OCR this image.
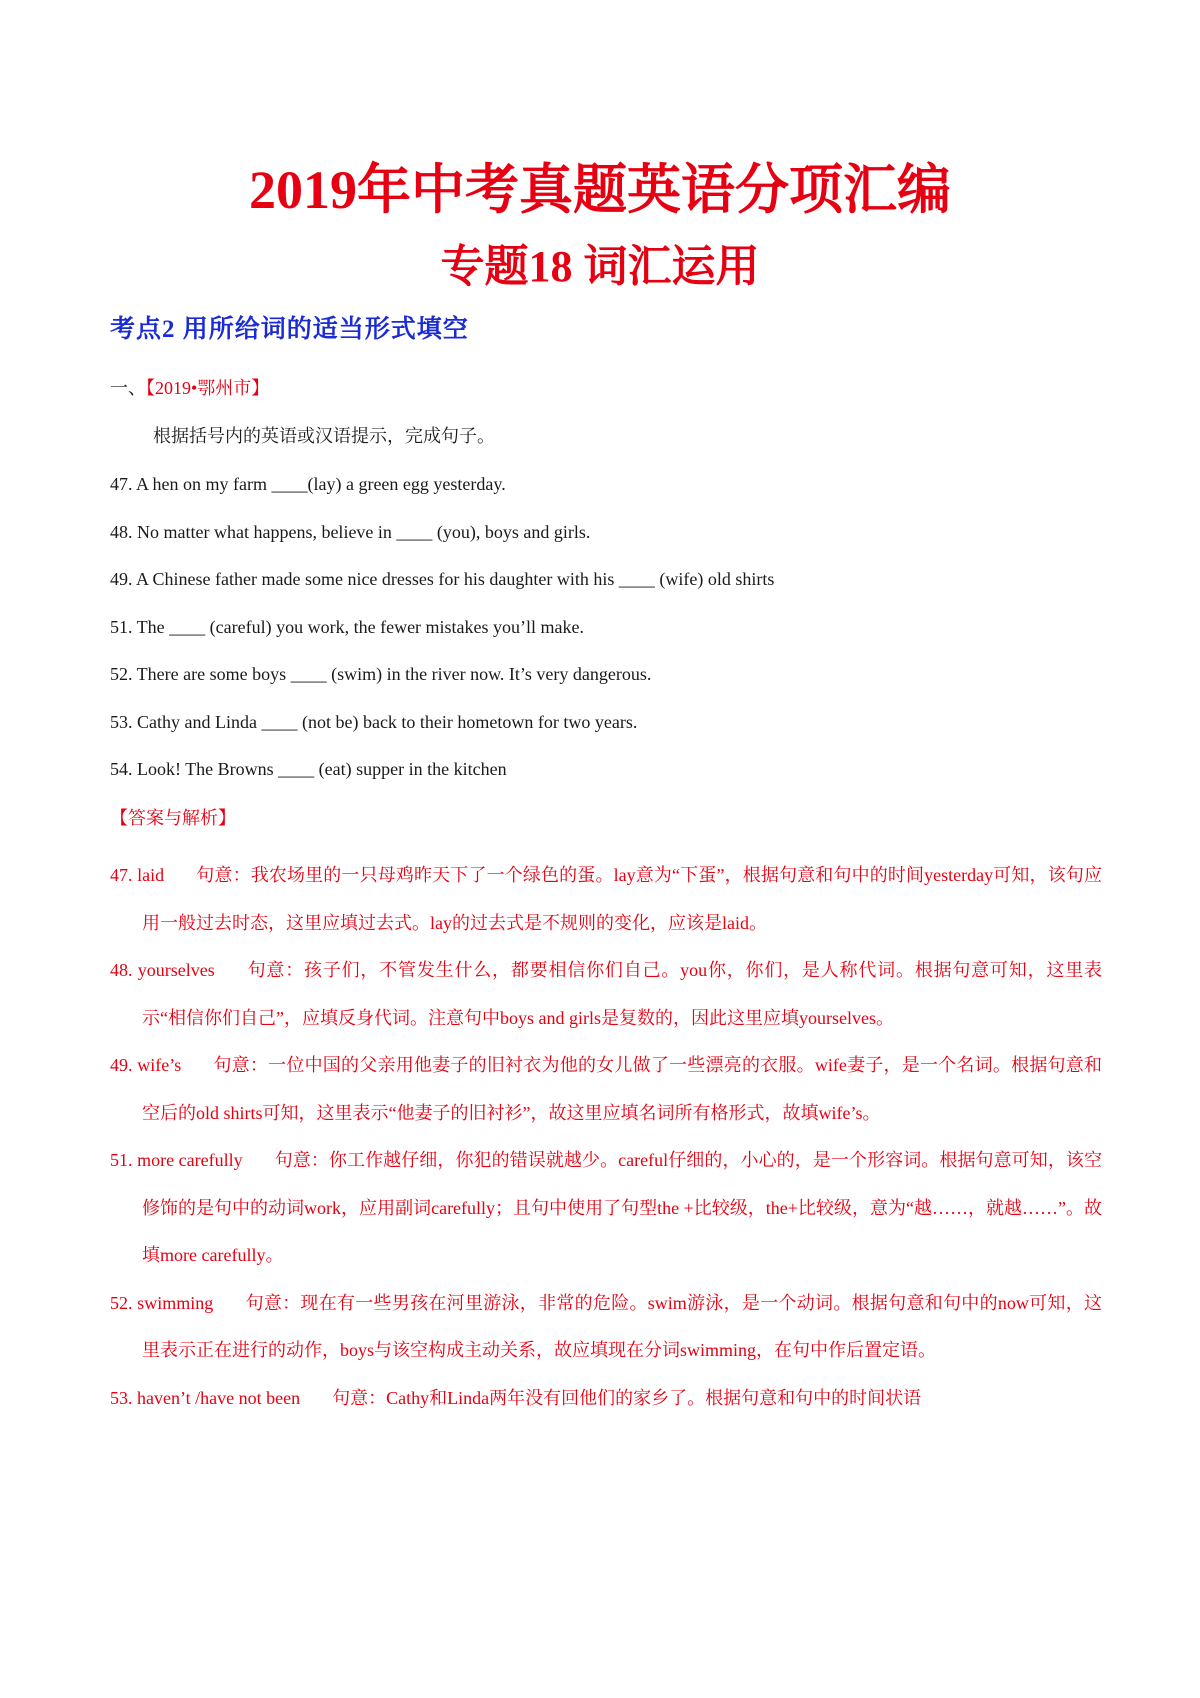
2019年中考真题英语分项汇编
专题18 词汇运用
考点2 用所给词的适当形式填空
一、【2019•鄂州市】
根据括号内的英语或汉语提示，完成句子。
47. A hen on my farm ____(lay) a green egg yesterday.
48. No matter what happens, believe in ____ (you), boys and girls.
49. A Chinese father made some nice dresses for his daughter with his ____ (wife) old shirts
51. The ____ (careful) you work, the fewer mistakes you’ll make.
52. There are some boys ____ (swim) in the river now. It’s very dangerous.
53. Cathy and Linda ____ (not be) back to their hometown for two years.
54. Look! The Browns ____ (eat) supper in the kitchen
【答案与解析】
47. laid 句意：我农场里的一只母鸡昨天下了一个绿色的蛋。lay意为“下蛋”，根据句意和句中的时间yesterday可知，该句应用一般过去时态，这里应填过去式。lay的过去式是不规则的变化，应该是laid。
48. yourselves 句意：孩子们，不管发生什么，都要相信你们自己。you你，你们，是人称代词。根据句意可知，这里表示“相信你们自己”，应填反身代词。注意句中boys and girls是复数的，因此这里应填yourselves。
49. wife’s 句意：一位中国的父亲用他妻子的旧衬衣为他的女儿做了一些漂亮的衣服。wife妻子，是一个名词。根据句意和空后的old shirts可知，这里表示“他妻子的旧衬衫”，故这里应填名词所有格形式，故填wife’s。
51. more carefully 句意：你工作越仔细，你犯的错误就越少。careful仔细的，小心的，是一个形容词。根据句意可知，该空修饰的是句中的动词work，应用副词carefully；且句中使用了句型the +比较级，the+比较级，意为“越……，就越……”。故填more carefully。
52. swimming 句意：现在有一些男孩在河里游泳，非常的危险。swim游泳，是一个动词。根据句意和句中的now可知，这里表示正在进行的动作，boys与该空构成主动关系，故应填现在分词swimming，在句中作后置定语。
53. haven’t /have not been 句意：Cathy和Linda两年没有回他们的家乡了。根据句意和句中的时间状语
